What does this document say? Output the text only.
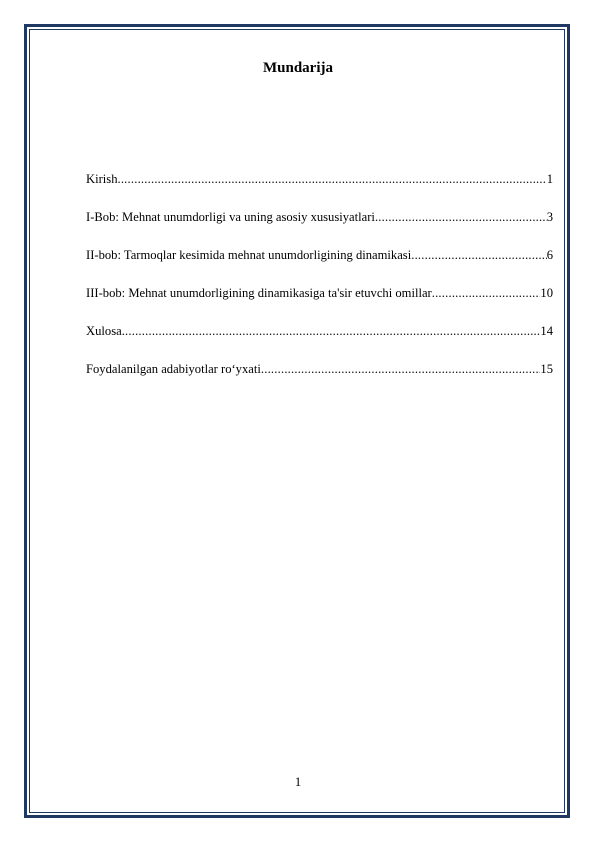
Mundarija
Kirish .....	1
I-Bob: Mehnat unumdorligi va uning asosiy xususiyatlari .....	3
II-bob: Tarmoqlar kesimida mehnat unumdorligining dinamikasi .....	6
III-bob: Mehnat unumdorligining dinamikasiga ta'sir etuvchi omillar .....	10
Xulosa .....	14
Foydalanilgan adabiyotlar ro‘yxati .....	15
1
